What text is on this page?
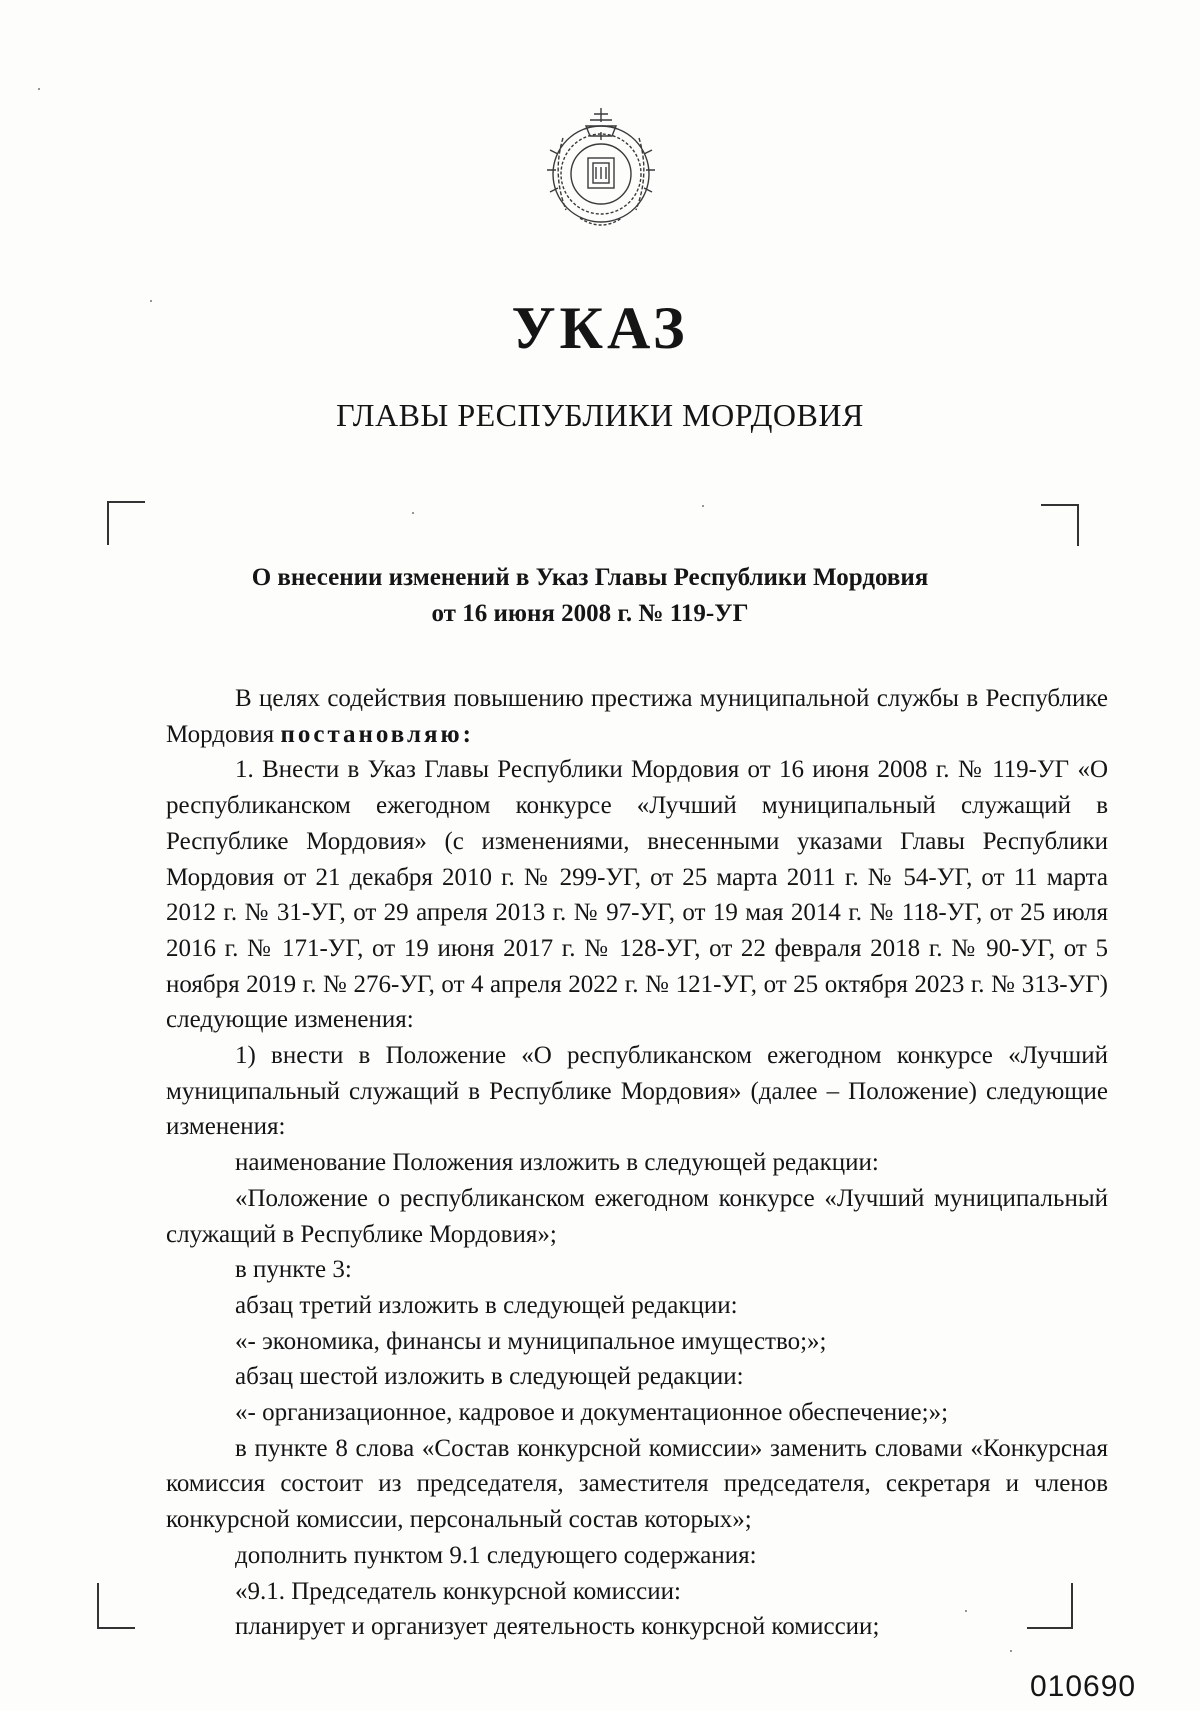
УКАЗ
ГЛАВЫ РЕСПУБЛИКИ МОРДОВИЯ
О внесении изменений в Указ Главы Республики Мордовия
от 16 июня 2008 г. № 119-УГ

В целях содействия повышению престижа муниципальной службы в Республике Мордовия постановляю:

1. Внести в Указ Главы Республики Мордовия от 16 июня 2008 г. № 119-УГ «О республиканском ежегодном конкурсе «Лучший муниципальный служащий в Республике Мордовия» (с изменениями, внесенными указами Главы Республики Мордовия от 21 декабря 2010 г. № 299-УГ, от 25 марта 2011 г. № 54-УГ, от 11 марта 2012 г. № 31-УГ, от 29 апреля 2013 г. № 97-УГ, от 19 мая 2014 г. № 118-УГ, от 25 июля 2016 г. № 171-УГ, от 19 июня 2017 г. № 128-УГ, от 22 февраля 2018 г. № 90-УГ, от 5 ноября 2019 г. № 276-УГ, от 4 апреля 2022 г. № 121-УГ, от 25 октября 2023 г. № 313-УГ) следующие изменения:

1) внести в Положение «О республиканском ежегодном конкурсе «Лучший муниципальный служащий в Республике Мордовия» (далее – Положение) следующие изменения:

наименование Положения изложить в следующей редакции:

«Положение о республиканском ежегодном конкурсе «Лучший муниципальный служащий в Республике Мордовия»;

в пункте 3:

абзац третий изложить в следующей редакции:

«- экономика, финансы и муниципальное имущество;»;

абзац шестой изложить в следующей редакции:

«- организационное, кадровое и документационное обеспечение;»;

в пункте 8 слова «Состав конкурсной комиссии» заменить словами «Конкурсная комиссия состоит из председателя, заместителя председателя, секретаря и членов конкурсной комиссии, персональный состав которых»;

дополнить пунктом 9.1 следующего содержания:

«9.1. Председатель конкурсной комиссии:

планирует и организует деятельность конкурсной комиссии;

010690
